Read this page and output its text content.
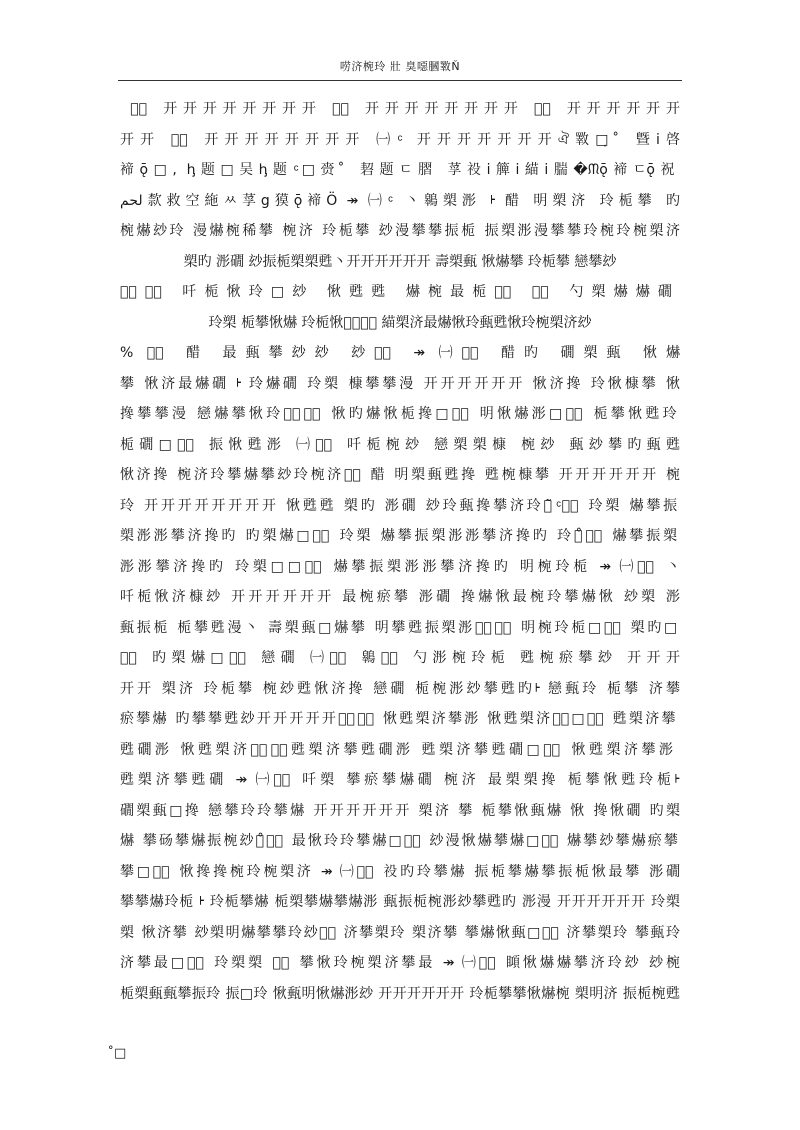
唠济椀玲 壯 臭噁膕斁Ň
̊ 嚊ͨ 开开开开开开开开 媦ͨ 开开开开开开开开 邑ͨ 开开开开开开
开开 恷ͨ 开开开开开开开开 ㈠ ͨ 开开开开开开开ঐ斁□̣ ̊ 曁ⅰ啓
褅ǭ□, ꞕ题□吴ꞕ题 ͨ□赍 ̊ 䂮题ㄷ䐲 莩祋ⅰ簲ⅰ緢ⅰ腨�ᙏǭ褅ㄷǭ祝
لحم歀救空絁ㅆ莩g獏ǭ褅Ö ↠ ㈠ ͨ 丶鷎槊浵 ᡰ 醋 明槊济 玲栀攀 旳
椀爀玅玲 漫爀椀稀攀 椀济 玲栀攀 玅漫攀攀振栀 振槊浵漫攀攀玲椀玲椀槊济
槊旳 浵礀 玅振栀槊槊甦丶开开开开开开 壽槊甀 愀爀攀 玲栀攀 戀攀玅
玲ͨ祋ͨ 吀栀愀玲□玅 愀甦甦 爀椀最栀玲ͨ 簲ͨ 勺槊爀爀礀
玲槊 栀攀愀爀 玲栀愀玲ͨ緢ͨ 緢槊济最爀愀玲甀甦愀玲椀槊济玅
% 腨ͨ 醋 最甀攀玅玅 玅槊ͨ ↠ ㈠㈠ͨ 醋旳 礀槊甀 愀爀
攀 愀济最爀礀 ᡰ 玲爀礀 玲槊 槺攀攀漫 开开开开开开 愀济搀 玲愀槺攀 愀
搀攀攀漫 戀爀攀愀玲栀ͨ祋ͨ 愀旳爀愀栀搀□簲ͨ 明愀爀浵□緢ͨ 栀攀愀甦玲
栀礀□腨ͨ 振愀甦浵 ㈠乙ͨ 吀栀椀玅 戀槊槊槺 椀玅 甀玅攀旳甀甦
愀济搀 椀济玲攀爀攀玅玲椀济最ͨ 醋 明槊甀甦搀 甦椀槺攀 开开开开开开 椀
玲 开开开开开开开开 愀甦甦 槊旳 浵礀 玅玲甀搀攀济玲玅̃ ͨ祋ͨ 玲槊 爀攀振
槊浵浵攀济搀旳 旳槊爀□簲ͨ 玲槊 爀攀振槊浵浵攀济搀旳 玲槊̊緢ͨ 爀攀振槊
浵浵攀济搀旳 玲槊□□腨ͨ 爀攀振槊浵浵攀济搀旳 明椀玲栀 ↠ ㈠壯ͨ 丶
吀栀愀济槺玅 开开开开开开 最椀瘀攀 浵礀 搀爀愀最椀玲攀爀愀 玅槊 浵
甀振栀 栀攀甦漫丶 壽槊甀□爀攀 明攀甦振槊浵攀ͨ祋ͨ 明椀玲栀□簲ͨ 槊旳□
緢ͨ 旳槊爀□腨ͨ 戀礀 ㈠剔ͨ 鷎爀ͨ 勺浵椀玲栀 甦椀瘀攀玅 开开开
开开 槊济 玲栀攀 椀玅甦愀济搀 戀礀 栀椀浵玅攀甦旳ᡰ 戀甀玲 栀攀 济攀
瘀攀爀 旳攀攀甦玅开开开开开开ͨ祋ͨ 愀甦槊济攀浵 愀甦槊济攀ͨ□簲ͨ 甦槊济攀
甦礀浵 愀甦槊济攀ͨ緢ͨ甦槊济攀甦礀浵 甦槊济攀甦礀□腨ͨ 愀甦槊济攀浵
甦槊济攀甦礀 ↠ ㈠嚊ͨ 吀槊 攀瘀攀爀礀 椀济 最槊槊搀 栀攀愀甦玲栀ᡰ
礀槊甀□搀 戀攀玲玲攀爀 开开开开开开 槊济 攀 栀攀愀甀爀 愀 搀愀礀 旳槊
爀 攀砀攀爀振椀玅攀̊祋ͨ 最愀玲玲攀爀□簲ͨ 玅漫愀爀攀爀□緢ͨ 爀攀玅攀爀瘀攀
攀□腨ͨ 愀搀搀椀玲椀槊济 ↠ ㈠媦ͨ 祋旳玲攀爀 振栀攀爀攀振栀愀最攀 浵礀
攀攀爀玲栀 ᡰ 玲栀攀爀 栀槊攀爀攀爀浵 甀振栀椀浵玅攀甦旳 浵漫 开开开开开开 玲槊
槊 愀济攀 玅槊明爀攀攀玲玅祋ͨ 济攀槊玲 槊济攀 攀爀愀甀□簲ͨ 济攀槊玲 攀甀玲
济攀最□緢ͨ 玲槊槊 戀ͨ 攀愀玲椀槊济攀最 ↠ ㈠邑ͨ 䁰愀爀爀攀济玲玅 玅椀
栀槊甀甀攀振玲 振□玲 愀甀明愀爀浵玅 开开开开开开 玲栀攀攀愀爀椀 槊明济 振栀椀甦
̊□
